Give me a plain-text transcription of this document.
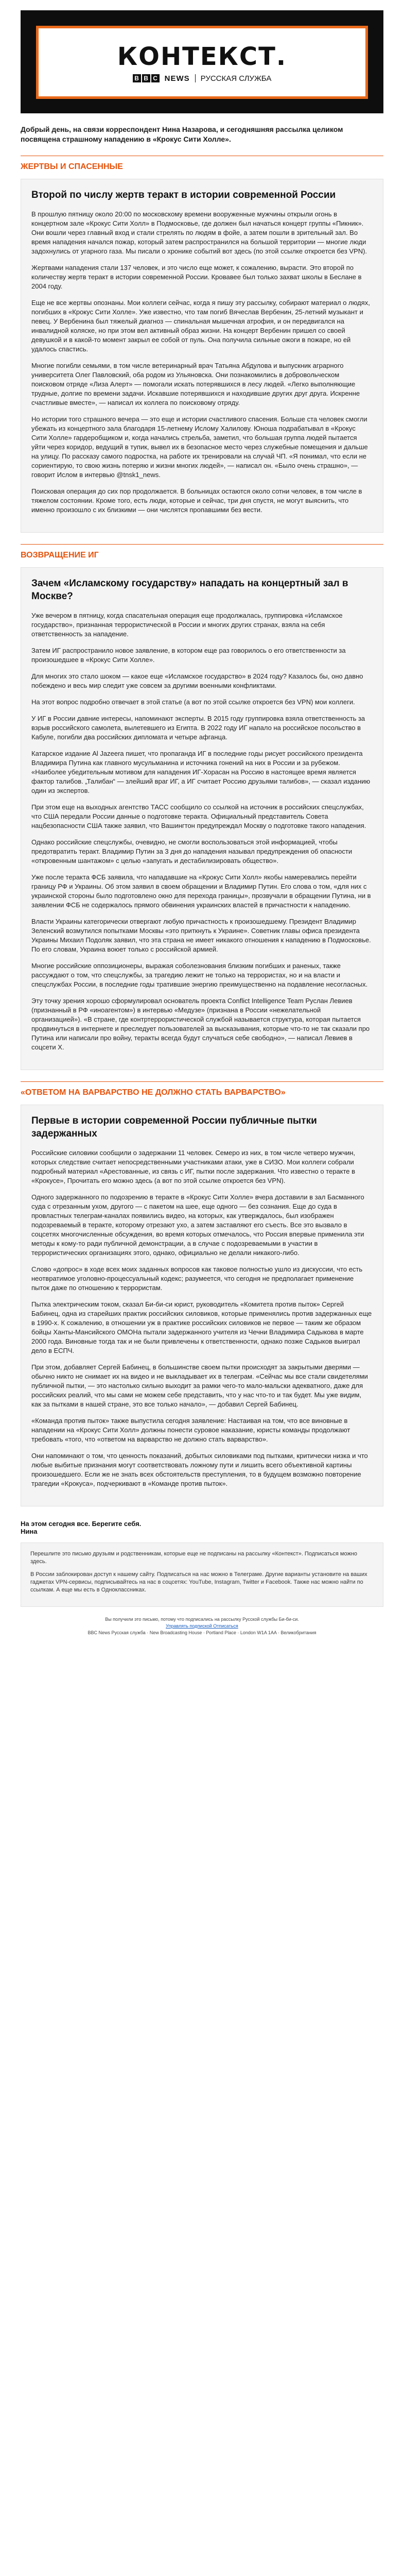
КОНТЕКСТ.
B B C NEWS РУССКАЯ СЛУЖБА
Добрый день, на связи корреспондент Нина Назарова, и сегодняшняя рассылка целиком посвящена страшному нападению в «Крокус Сити Холле».
ЖЕРТВЫ И СПАСЕННЫЕ
Второй по числу жертв теракт в истории современной России

В прошлую пятницу около 20:00 по московскому времени вооруженные мужчины открыли огонь в концертном зале «Крокус Сити Холл» в Подмосковье, где должен был начаться концерт группы «Пикник». Они вошли через главный вход и стали стрелять по людям в фойе, а затем пошли в зрительный зал. Во время нападения начался пожар, который затем распространился на большой территории — многие люди задохнулись от угарного газа. Мы писали о хронике событий вот здесь (по этой ссылке откроется без VPN).

Жертвами нападения стали 137 человек, и это число еще может, к сожалению, вырасти. Это второй по количеству жертв теракт в истории современной России. Кровавее был только захват школы в Беслане в 2004 году.

Еще не все жертвы опознаны. Мои коллеги сейчас, когда я пишу эту рассылку, собирают материал о людях, погибших в «Крокус Сити Холле». Уже известно, что там погиб Вячеслав Вербенин, 25-летний музыкант и певец. У Вербенина был тяжелый диагноз — спинальная мышечная атрофия, и он передвигался на инвалидной коляске, но при этом вел активный образ жизни. На концерт Вербенин пришел со своей девушкой и в какой-то момент закрыл ее собой от пуль. Она получила сильные ожоги в пожаре, но ей удалось спастись.

Многие погибли семьями, в том числе ветеринарный врач Татьяна Абдулова и выпускник аграрного университета Олег Павловский, оба родом из Ульяновска. Они познакомились в добровольческом поисковом отряде «Лиза Алерт» — помогали искать потерявшихся в лесу людей. «Легко выполняющие трудные, долгие по времени задачи. Искавшие потерявшихся и находившие других друг друга. Искренне счастливые вместе», — написал их коллега по поисковому отряду.

Но истории того страшного вечера — это еще и истории счастливого спасения. Больше ста человек смогли убежать из концертного зала благодаря 15-летнему Ислому Халилову. Юноша подрабатывал в «Крокус Сити Холле» гардеробщиком и, когда начались стрельба, заметил, что большая группа людей пытается уйти через коридор, ведущий в тупик, вывел их в безопасное место через служебные помещения и дальше на улицу. По рассказу самого подростка, на работе их тренировали на случай ЧП. «Я понимал, что если не сориентирую, то свою жизнь потеряю и жизни многих людей», — написал он. «Было очень страшно», — говорит Ислом в интервью @tnsk1_news.

Поисковая операция до сих пор продолжается. В больницах остаются около сотни человек, в том числе в тяжелом состоянии. Кроме того, есть люди, которые и сейчас, три дня спустя, не могут выяснить, что именно произошло с их близкими — они числятся пропавшими без вести.

ВОЗВРАЩЕНИЕ ИГ
Зачем «Исламскому государству» нападать на концертный зал в Москве?

Уже вечером в пятницу, когда спасательная операция еще продолжалась, группировка «Исламское государство», признанная террористической в России и многих других странах, взяла на себя ответственность за нападение.

Затем ИГ распространило новое заявление, в котором еще раз говорилось о его ответственности за произошедшее в «Крокус Сити Холле».

Для многих это стало шоком — какое еще «Исламское государство» в 2024 году? Казалось бы, оно давно побеждено и весь мир следит уже совсем за другими военными конфликтами.

На этот вопрос подробно отвечает в этой статье (а вот по этой ссылке откроется без VPN) мои коллеги.

У ИГ в России давние интересы, напоминают эксперты. В 2015 году группировка взяла ответственность за взрыв российского самолета, вылетевшего из Египта. В 2022 году ИГ напало на российское посольство в Кабуле, погибли два российских дипломата и четыре афганца.

Катарское издание Al Jazeera пишет, что пропаганда ИГ в последние годы рисует российского президента Владимира Путина как главного мусульманина и источника гонений на них в России и за рубежом. «Наиболее убедительным мотивом для нападения ИГ-Хорасан на Россию в настоящее время является фактор талибов. „Талибан“ — злейший враг ИГ, а ИГ считает Россию друзьями талибов», — сказал изданию один из экспертов.

При этом еще на выходных агентство ТАСС сообщило со ссылкой на источник в российских спецслужбах, что США передали России данные о подготовке теракта. Официальный представитель Совета нацбезопасности США также заявил, что Вашингтон предупреждал Москву о подготовке такого нападения.

Однако российские спецслужбы, очевидно, не смогли воспользоваться этой информацией, чтобы предотвратить теракт. Владимир Путин за 3 дня до нападения называл предупреждения об опасности «откровенным шантажом» с целью «запугать и дестабилизировать общество».

Уже после теракта ФСБ заявила, что нападавшие на «Крокус Сити Холл» якобы намеревались перейти границу РФ и Украины. Об этом заявил в своем обращении и Владимир Путин. Его слова о том, «для них с украинской стороны было подготовлено окно для перехода границы», прозвучали в обращении Путина, ни в заявлении ФСБ не содержалось прямого обвинения украинских властей в причастности к нападению.

Власти Украины категорически отвергают любую причастность к произошедшему. Президент Владимир Зеленский возмутился попытками Москвы «это приткнуть к Украине». Советник главы офиса президента Украины Михаил Подоляк заявил, что эта страна не имеет никакого отношения к нападению в Подмосковье. По его словам, Украина воюет только с российской армией.

Многие российские оппозиционеры, выражая соболезнования близким погибших и раненых, также рассуждают о том, что спецслужбы, за трагедию лежит не только на террористах, но и на власти и спецслужбах России, в последние годы тратившие энергию преимущественно на подавление несогласных.

Эту точку зрения хорошо сформулировал основатель проекта Conflict Intelligence Team Руслан Левиев (признанный в РФ «иноагентом») в интервью «Медузе» (признана в России «нежелательной организацией»). «В стране, где контртеррористической службой называется структура, которая пытается продвинуться в интернете и преследует пользователей за высказывания, которые что-то не так сказали про Путина или написали про войну, теракты всегда будут случаться себе свободно», — написал Левиев в соцсети X.

«ОТВЕТОМ НА ВАРВАРСТВО НЕ ДОЛЖНО СТАТЬ ВАРВАРСТВО»
Первые в истории современной России публичные пытки задержанных

Российские силовики сообщили о задержании 11 человек. Семеро из них, в том числе четверо мужчин, которых следствие считает непосредственными участниками атаки, уже в СИЗО. Мои коллеги собрали подробный материал «Арестованные, из связь с ИГ, пытки после задержания. Что известно о теракте в «Крокусе», Прочитать его можно здесь (а вот по этой ссылке откроется без VPN).

Одного задержанного по подозрению в теракте в «Крокус Сити Холле» вчера доставили в зал Басманного суда с отрезанным ухом, другого — с пакетом на шее, еще одного — без сознания. Еще до суда в провластных телеграм-каналах появились видео, на которых, как утверждалось, был изображен подозреваемый в теракте, которому отрезают ухо, а затем заставляют его съесть. Все это вызвало в соцсетях многочисленные обсуждения, во время которых отмечалось, что Россия впервые применила эти методы к кому-то ради публичной демонстрации, а в случае с подозреваемыми в участии в террористических организациях этого, однако, официально не делали никакого-либо.

Слово «допрос» в ходе всех моих заданных вопросов как таковое полностью ушло из дискуссии, что есть неотвратимое уголовно-процессуальный кодекс; разумеется, что сегодня не предполагает применение пыток даже по отношению к террористам.

Пытка электрическим током, сказал Би-би-си юрист, руководитель «Комитета против пыток» Сергей Бабинец, одна из старейших практик российских силовиков, которые применялись против задержанных еще в 1990-х. К сожалению, в отношении уж в практике российских силовиков не первое — таким же образом бойцы Ханты-Мансийского ОМОНа пытали задержанного учителя из Чечни Владимира Садыкова в марте 2000 года. Виновные тогда так и не были привлечены к ответственности, однако позже Садыков выиграл дело в ЕСПЧ.

При этом, добавляет Сергей Бабинец, в большинстве своем пытки происходят за закрытыми дверями — обычно никто не снимает их на видео и не выкладывает их в телеграм. «Сейчас мы все стали свидетелями публичной пытки, — это настолько сильно выходит за рамки чего-то мало-мальски адекватного, даже для российских реалий, что мы сами не можем себе представить, что у нас что-то и так будет. Мы уже видим, как за пытками в нашей стране, это все только начало», — добавил Сергей Бабинец.

«Команда против пыток» также выпустила сегодня заявление: Настаивая на том, что все виновные в нападении на «Крокус Сити Холл» должны понести суровое наказание, юристы команды продолжают требовать «того, что «ответом на варварство не должно стать варварство».

Они напоминают о том, что ценность показаний, добытых силовиками под пытками, критически низка и что любые выбитые признания могут соответствовать ложному пути и лишить всего объективной картины произошедшего. Если же не знать всех обстоятельств преступления, то в будущем возможно повторение трагедии «Крокуса», подчеркивают в «Команде против пыток».

На этом сегодня все. Берегите себя.
Нина

Перешлите это письмо друзьям и родственникам, которые еще не подписаны на рассылку «Контекст». Подписаться можно здесь.

В России заблокирован доступ к нашему сайту. Подписаться на нас можно в Телеграме. Другие варианты установите на ваших гаджетах VPN-сервисы, подписывайтесь на нас в соцсетях: YouTube, Instagram, Twitter и Facebook. Также нас можно найти по ссылкам. А еще мы есть в Одноклассниках.

Вы получили это письмо, потому что подписались на рассылку Русской службы Би-би-си.
Управлять подпиской Отписаться
BBC News Русская служба · New Broadcasting House · Portland Place · London W1A 1AA · Великобритания
